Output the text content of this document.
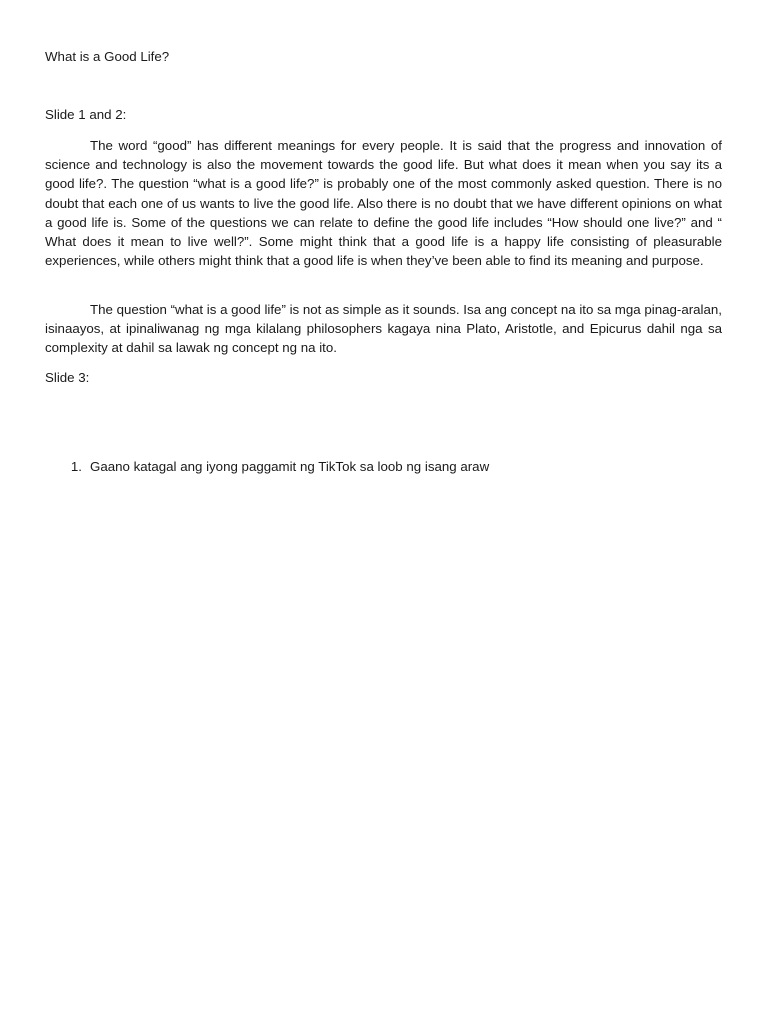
What is a Good Life?

Slide 1 and 2:

The word “good” has different meanings for every people. It is said that the progress and innovation of science and technology is also the movement towards the good life. But what does it mean when you say its a good life?. The question “what is a good life?” is probably one of the most commonly asked question. There is no doubt that each one of us wants to live the good life. Also there is no doubt that we have different opinions on what a good life is. Some of the questions we can relate to define the good life includes “How should one live?” and “ What does it mean to live well?”. Some might think that a good life is a happy life consisting of pleasurable experiences, while others might think that a good life is when they’ve been able to find its meaning and purpose.

The question “what is a good life” is not as simple as it sounds. Isa ang concept na ito sa mga pinag-aralan, isinaayos, at ipinaliwanag ng mga kilalang philosophers kagaya nina Plato, Aristotle, and Epicurus dahil nga sa complexity at dahil sa lawak ng concept ng na ito.

Slide 3:

1. Gaano katagal ang iyong paggamit ng TikTok sa loob ng isang araw
